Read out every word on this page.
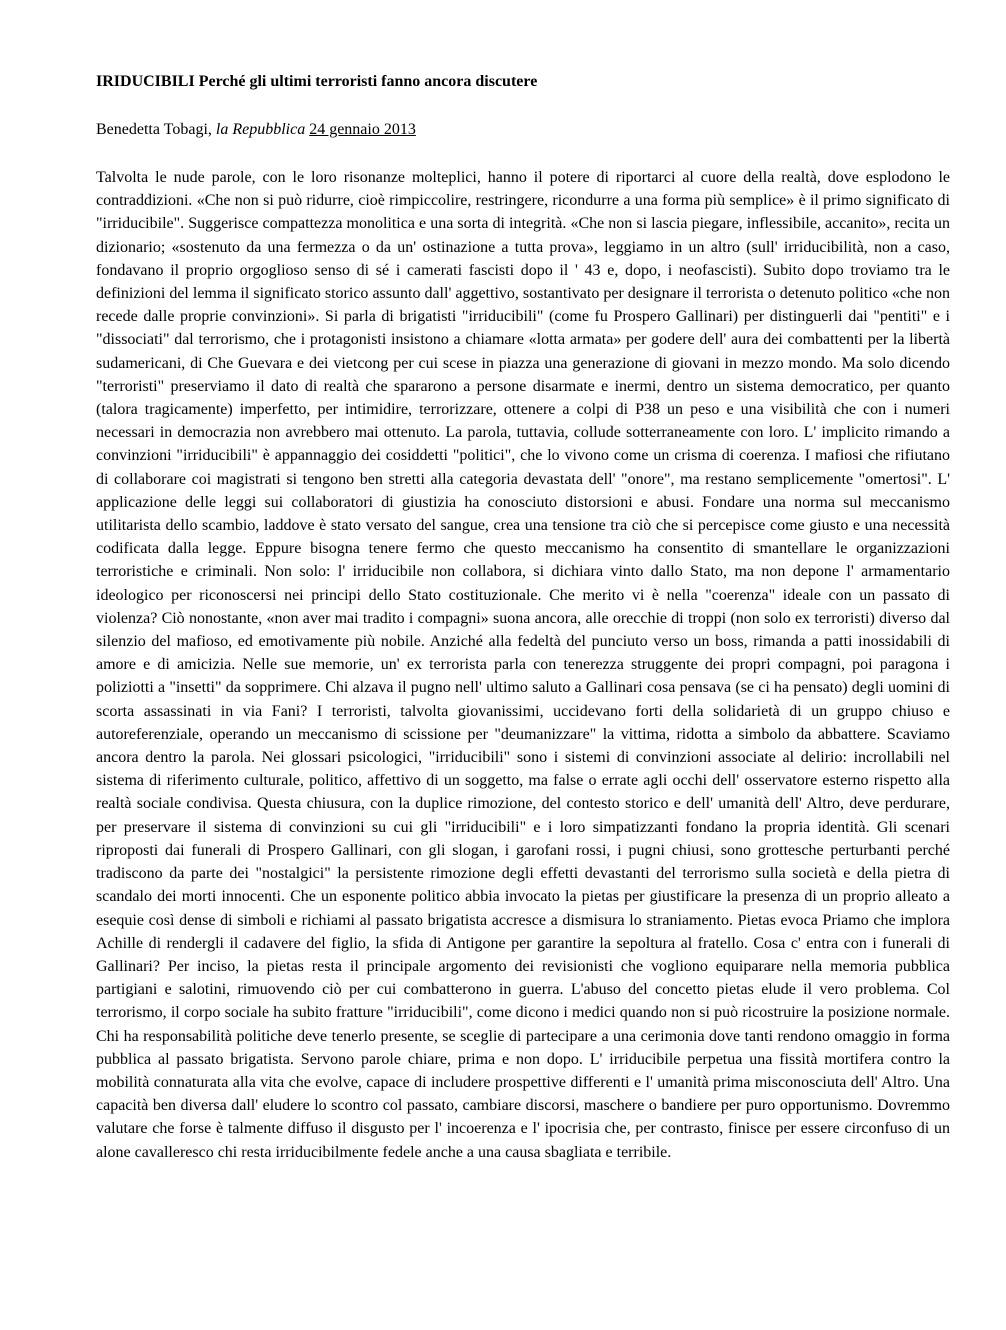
IRIDUCIBILI Perché gli ultimi terroristi fanno ancora discutere

Benedetta Tobagi, la Repubblica 24 gennaio 2013

Talvolta le nude parole, con le loro risonanze molteplici, hanno il potere di riportarci al cuore della realtà, dove esplodono le contraddizioni. «Che non si può ridurre, cioè rimpiccolire, restringere, ricondurre a una forma più semplice» è il primo significato di "irriducibile". Suggerisce compattezza monolitica e una sorta di integrità. «Che non si lascia piegare, inflessibile, accanito», recita un dizionario; «sostenuto da una fermezza o da un' ostinazione a tutta prova», leggiamo in un altro (sull' irriducibilità, non a caso, fondavano il proprio orgoglioso senso di sé i camerati fascisti dopo il ' 43 e, dopo, i neofascisti). Subito dopo troviamo tra le definizioni del lemma il significato storico assunto dall' aggettivo, sostantivato per designare il terrorista o detenuto politico «che non recede dalle proprie convinzioni». Si parla di brigatisti "irriducibili" (come fu Prospero Gallinari) per distinguerli dai "pentiti" e i "dissociati" dal terrorismo, che i protagonisti insistono a chiamare «lotta armata» per godere dell' aura dei combattenti per la libertà sudamericani, di Che Guevara e dei vietcong per cui scese in piazza una generazione di giovani in mezzo mondo. Ma solo dicendo "terroristi" preserviamo il dato di realtà che spararono a persone disarmate e inermi, dentro un sistema democratico, per quanto (talora tragicamente) imperfetto, per intimidire, terrorizzare, ottenere a colpi di P38 un peso e una visibilità che con i numeri necessari in democrazia non avrebbero mai ottenuto. La parola, tuttavia, collude sotterraneamente con loro. L' implicito rimando a convinzioni "irriducibili" è appannaggio dei cosiddetti "politici", che lo vivono come un crisma di coerenza. I mafiosi che rifiutano di collaborare coi magistrati si tengono ben stretti alla categoria devastata dell' "onore", ma restano semplicemente "omertosi". L' applicazione delle leggi sui collaboratori di giustizia ha conosciuto distorsioni e abusi. Fondare una norma sul meccanismo utilitarista dello scambio, laddove è stato versato del sangue, crea una tensione tra ciò che si percepisce come giusto e una necessità codificata dalla legge. Eppure bisogna tenere fermo che questo meccanismo ha consentito di smantellare le organizzazioni terroristiche e criminali. Non solo: l' irriducibile non collabora, si dichiara vinto dallo Stato, ma non depone l' armamentario ideologico per riconoscersi nei principi dello Stato costituzionale. Che merito vi è nella "coerenza" ideale con un passato di violenza? Ciò nonostante, «non aver mai tradito i compagni» suona ancora, alle orecchie di troppi (non solo ex terroristi) diverso dal silenzio del mafioso, ed emotivamente più nobile. Anziché alla fedeltà del punciuto verso un boss, rimanda a patti inossidabili di amore e di amicizia. Nelle sue memorie, un' ex terrorista parla con tenerezza struggente dei propri compagni, poi paragona i poliziotti a "insetti" da sopprimere. Chi alzava il pugno nell' ultimo saluto a Gallinari cosa pensava (se ci ha pensato) degli uomini di scorta assassinati in via Fani? I terroristi, talvolta giovanissimi, uccidevano forti della solidarietà di un gruppo chiuso e autoreferenziale, operando un meccanismo di scissione per "deumanizzare" la vittima, ridotta a simbolo da abbattere. Scaviamo ancora dentro la parola. Nei glossari psicologici, "irriducibili" sono i sistemi di convinzioni associate al delirio: incrollabili nel sistema di riferimento culturale, politico, affettivo di un soggetto, ma false o errate agli occhi dell' osservatore esterno rispetto alla realtà sociale condivisa. Questa chiusura, con la duplice rimozione, del contesto storico e dell' umanità dell' Altro, deve perdurare, per preservare il sistema di convinzioni su cui gli "irriducibili" e i loro simpatizzanti fondano la propria identità. Gli scenari riproposti dai funerali di Prospero Gallinari, con gli slogan, i garofani rossi, i pugni chiusi, sono grottesche perturbanti perché tradiscono da parte dei "nostalgici" la persistente rimozione degli effetti devastanti del terrorismo sulla società e della pietra di scandalo dei morti innocenti. Che un esponente politico abbia invocato la pietas per giustificare la presenza di un proprio alleato a esequie così dense di simboli e richiami al passato brigatista accresce a dismisura lo straniamento. Pietas evoca Priamo che implora Achille di rendergli il cadavere del figlio, la sfida di Antigone per garantire la sepoltura al fratello. Cosa c' entra con i funerali di Gallinari? Per inciso, la pietas resta il principale argomento dei revisionisti che vogliono equiparare nella memoria pubblica partigiani e salotini, rimuovendo ciò per cui combatterono in guerra. L'abuso del concetto pietas elude il vero problema. Col terrorismo, il corpo sociale ha subito fratture "irriducibili", come dicono i medici quando non si può ricostruire la posizione normale. Chi ha responsabilità politiche deve tenerlo presente, se sceglie di partecipare a una cerimonia dove tanti rendono omaggio in forma pubblica al passato brigatista. Servono parole chiare, prima e non dopo. L' irriducibile perpetua una fissità mortifera contro la mobilità connaturata alla vita che evolve, capace di includere prospettive differenti e l' umanità prima misconosciuta dell' Altro. Una capacità ben diversa dall' eludere lo scontro col passato, cambiare discorsi, maschere o bandiere per puro opportunismo. Dovremmo valutare che forse è talmente diffuso il disgusto per l' incoerenza e l' ipocrisia che, per contrasto, finisce per essere circonfuso di un alone cavalleresco chi resta irriducibilmente fedele anche a una causa sbagliata e terribile.
